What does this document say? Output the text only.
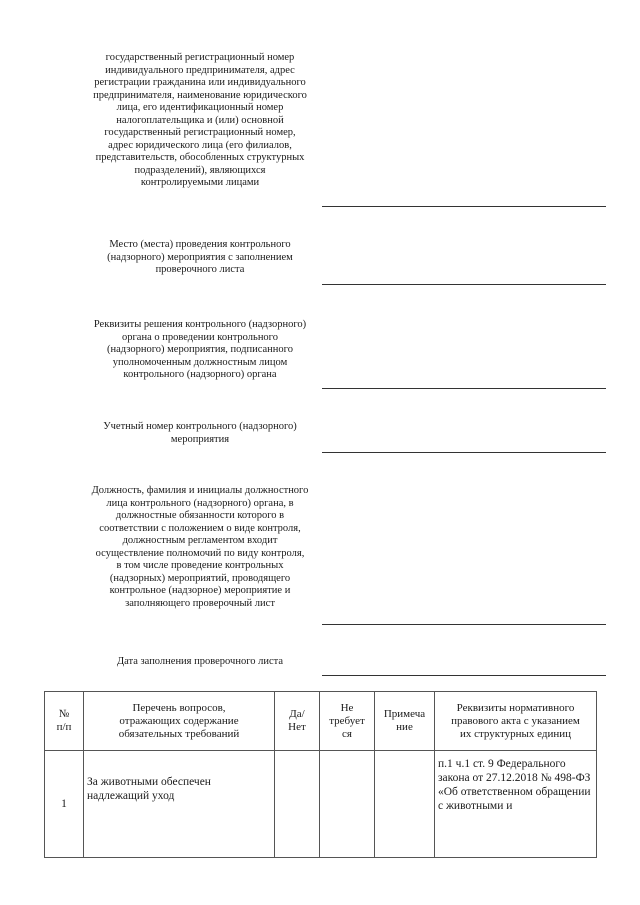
государственный регистрационный номер
индивидуального предпринимателя, адрес
регистрации гражданина или индивидуального
предпринимателя, наименование юридического
лица, его идентификационный номер
налогоплательщика и (или) основной
государственный регистрационный номер,
адрес юридического лица (его филиалов,
представительств, обособленных структурных
подразделений), являющихся
контролируемыми лицами
Место (места) проведения контрольного
(надзорного) мероприятия с заполнением
проверочного листа
Реквизиты решения контрольного (надзорного)
органа о проведении контрольного
(надзорного) мероприятия, подписанного
уполномоченным должностным лицом
контрольного (надзорного) органа
Учетный номер контрольного (надзорного)
мероприятия
Должность, фамилия и инициалы должностного
лица контрольного (надзорного) органа, в
должностные обязанности которого в
соответствии с положением о виде контроля,
должностным регламентом входит
осуществление полномочий по виду контроля,
в том числе проведение контрольных
(надзорных) мероприятий, проводящего
контрольное (надзорное) мероприятие и
заполняющего проверочный лист
Дата заполнения проверочного листа
№
п/п	Перечень вопросов,
отражающих содержание
обязательных требований	Да/
Нет	Не
требует
ся	Примеча
ние	Реквизиты нормативного
правового акта с указанием
их структурных единиц
1	За животными обеспечен надлежащий уход				п.1 ч.1 ст. 9 Федерального закона от 27.12.2018 № 498-ФЗ «Об ответственном обращении с животными и
